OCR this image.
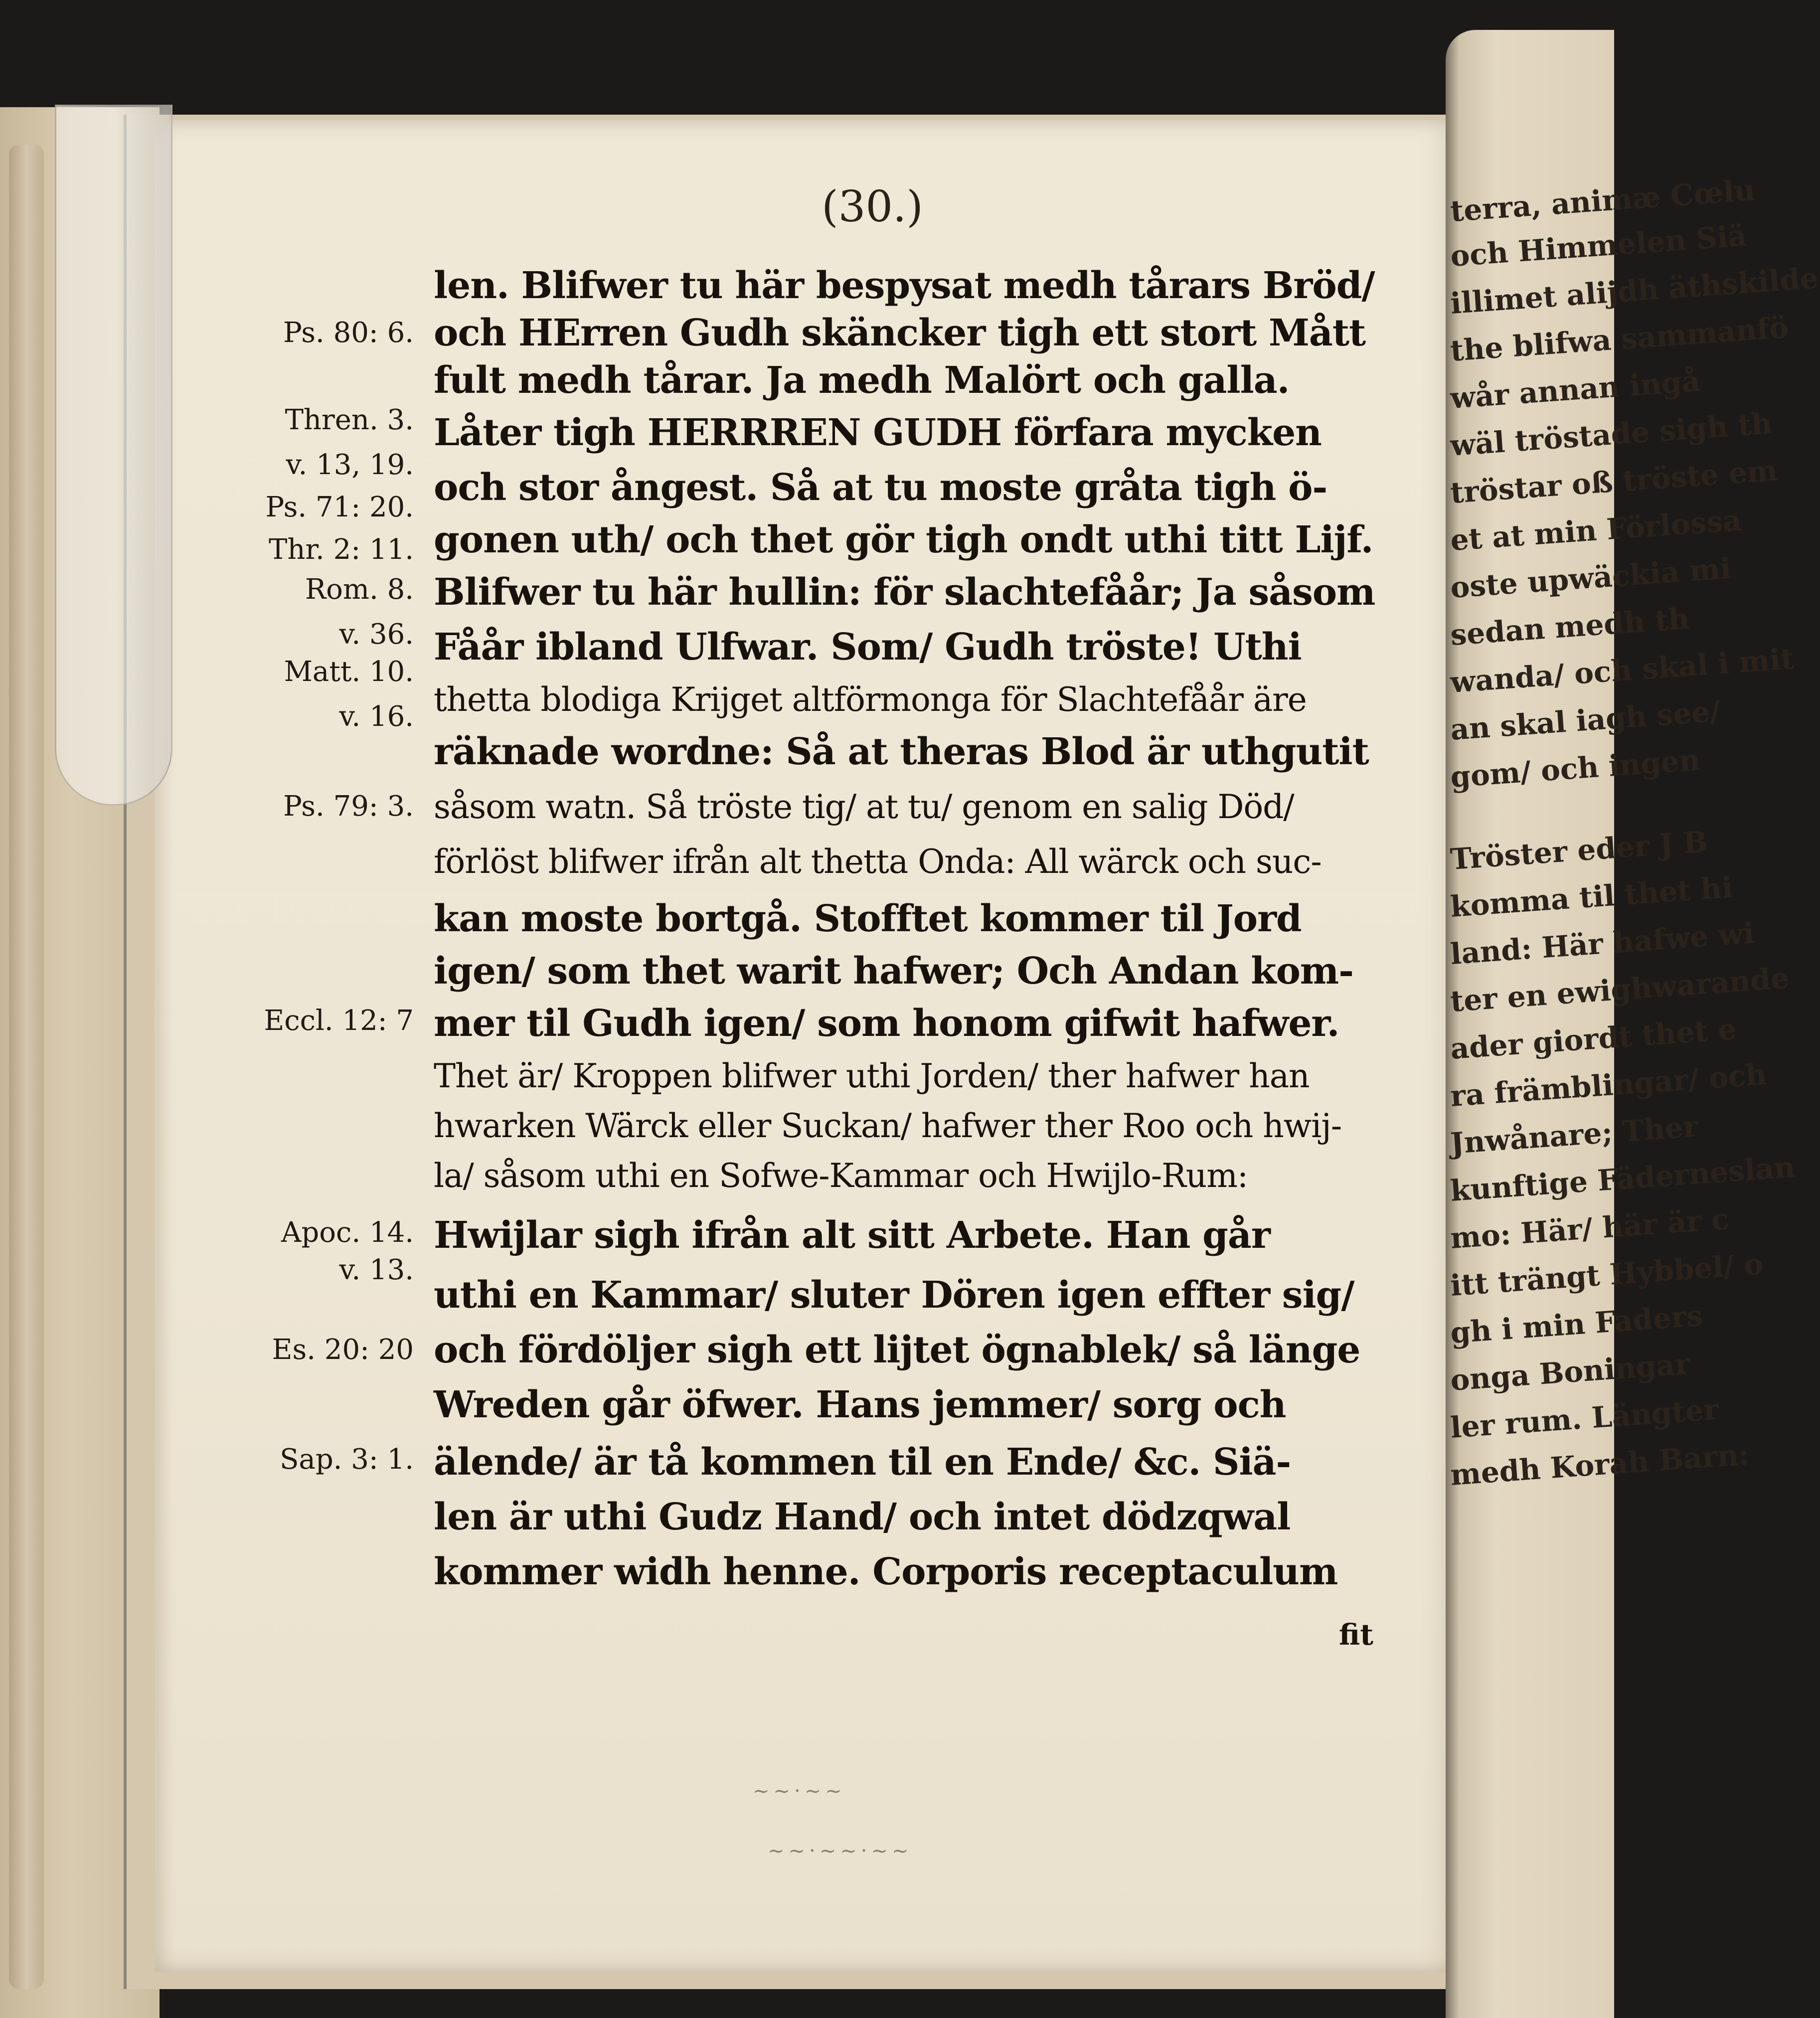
terra, animæ Cœlu
och Himmelen Siä
illimet alijdh äthskilde
the blifwa sammanfö
wår annan ingå
wäl tröstade sigh th
tröstar oß tröste em
et at min Förlossa
oste upwäckia mi
sedan medh th
wanda/ och skal i mit
an skal iagh see/
gom/ och ingen
Tröster eder J B
komma til thet hi
land: Här hafwe wi
ter en ewighwarande
ader giordt thet e
ra främblingar/ och
Jnwånare; Ther
kunftige Fäderneslan
mo: Här/ här är c
itt trängt Hybbel/ o
gh i min Faders
onga Boningar
ler rum. Längter
medh Korah Barn:
(30.)
Ps. 80: 6.
Thren. 3.
v. 13, 19.
Ps. 71: 20.
Thr. 2: 11.
Rom. 8.
v. 36.
Matt. 10.
v. 16.
Ps. 79: 3.
Eccl. 12: 7
Apoc. 14.
v. 13.
Es. 20: 20
Sap. 3: 1.
len. Blifwer tu här bespysat medh tårars Bröd/
och HErren Gudh skäncker tigh ett stort Mått
fult medh tårar. Ja medh Malört och galla.
Låter tigh HERRREN GUDH förfara mycken
och stor ångest. Så at tu moste gråta tigh ö-
gonen uth/ och thet gör tigh ondt uthi titt Lijf.
Blifwer tu här hullin: för slachtefåår; Ja såsom
Fåår ibland Ulfwar. Som/ Gudh tröste! Uthi
thetta blodiga Krijget altförmonga för Slachtefåår äre
räknade wordne: Så at theras Blod är uthgutit
såsom watn. Så tröste tig/ at tu/ genom en salig Död/
förlöst blifwer ifrån alt thetta Onda: All wärck och suc-
kan moste bortgå. Stofftet kommer til Jord
igen/ som thet warit hafwer; Och Andan kom-
mer til Gudh igen/ som honom gifwit hafwer.
Thet är/ Kroppen blifwer uthi Jorden/ ther hafwer han
hwarken Wärck eller Suckan/ hafwer ther Roo och hwij-
la/ såsom uthi en Sofwe-Kammar och Hwijlo-Rum:
Hwijlar sigh ifrån alt sitt Arbete. Han går
uthi en Kammar/ sluter Dören igen effter sig/
och fördöljer sigh ett lijtet ögnablek/ så länge
Wreden går öfwer. Hans jemmer/ sorg och
älende/ är tå kommen til en Ende/ &c. Siä-
len är uthi Gudz Hand/ och intet dödzqwal
kommer widh henne. Corporis receptaculum
fit
~~·~~
~~·~~·~~
